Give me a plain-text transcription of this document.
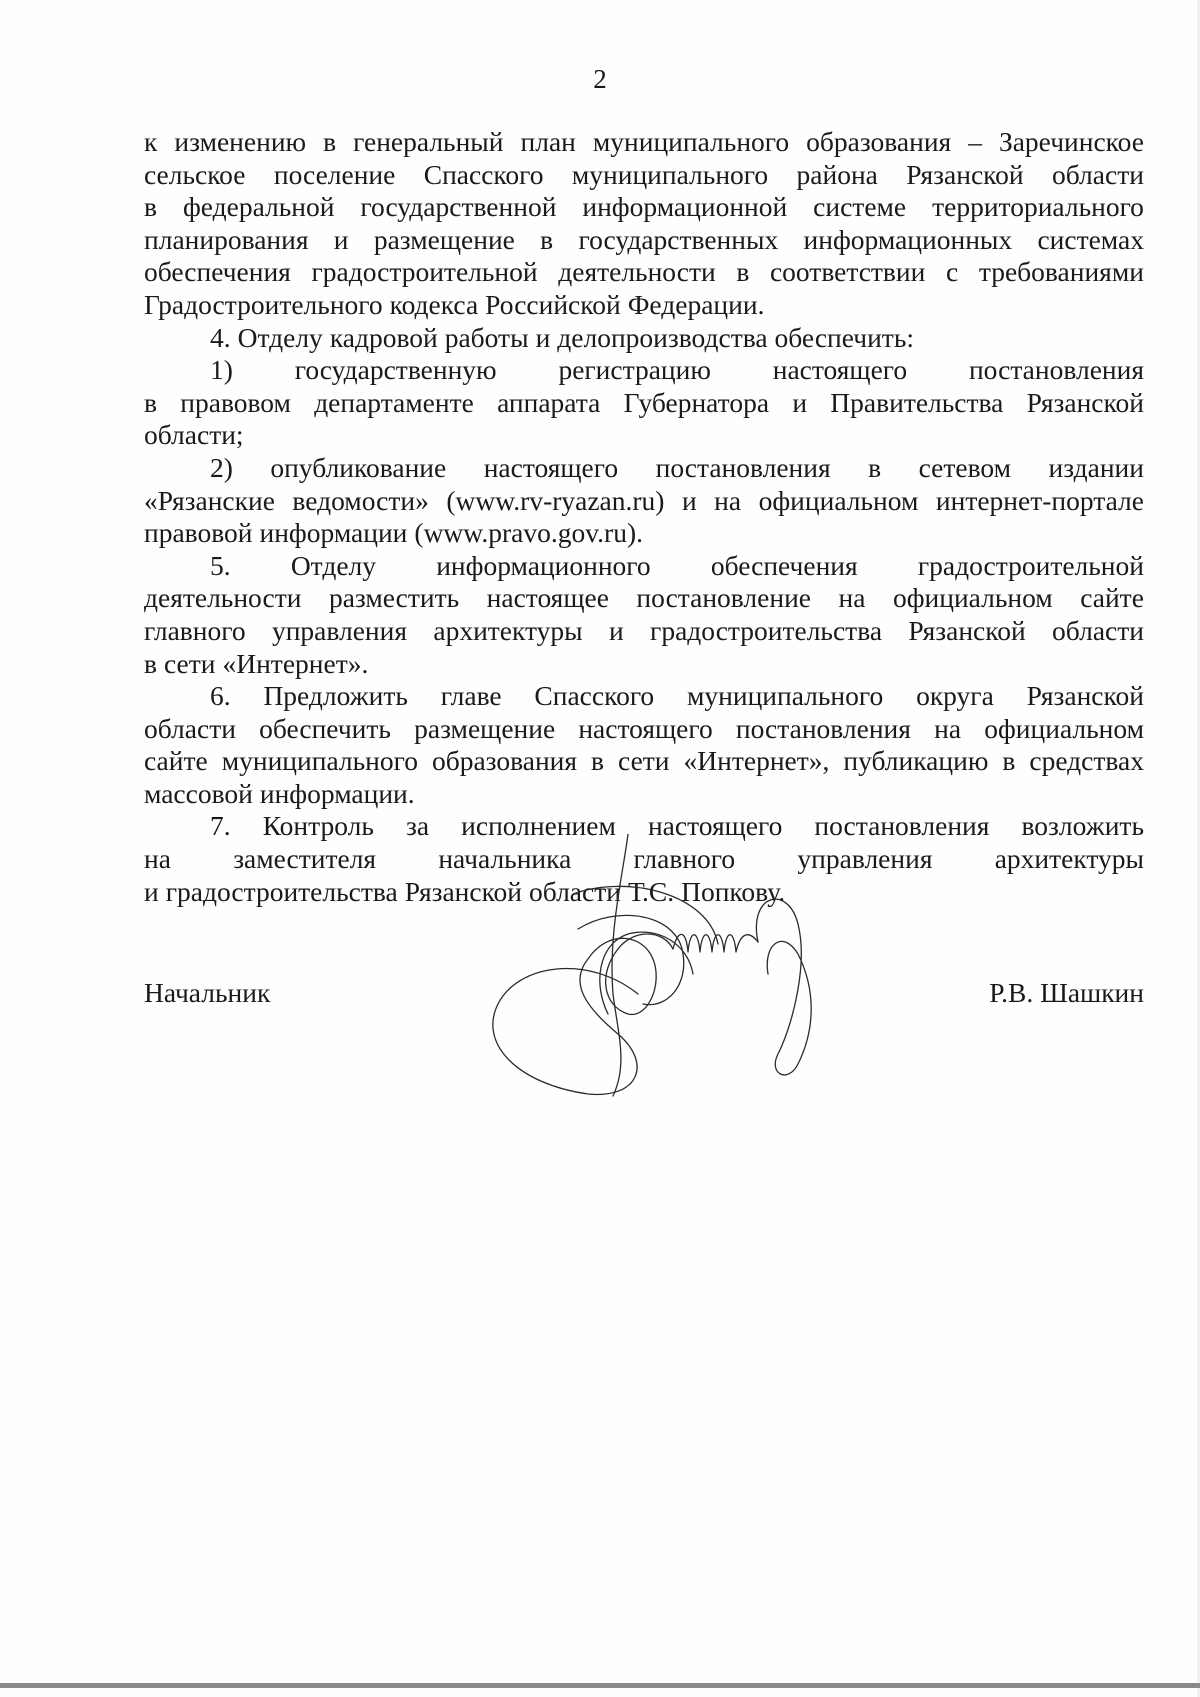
2
к изменению в генеральный план муниципального образования – Заречинское
сельское поселение Спасского муниципального района Рязанской области
в федеральной государственной информационной системе территориального
планирования и размещение в государственных информационных системах
обеспечения градостроительной деятельности в соответствии с требованиями
Градостроительного кодекса Российской Федерации.
4. Отделу кадровой работы и делопроизводства обеспечить:
1) государственную регистрацию настоящего постановления
в правовом департаменте аппарата Губернатора и Правительства Рязанской
области;
2) опубликование настоящего постановления в сетевом издании
«Рязанские ведомости» (www.rv-ryazan.ru) и на официальном интернет-портале
правовой информации (www.pravo.gov.ru).
5. Отделу информационного обеспечения градостроительной
деятельности разместить настоящее постановление на официальном сайте
главного управления архитектуры и градостроительства Рязанской области
в сети «Интернет».
6. Предложить главе Спасского муниципального округа Рязанской
области обеспечить размещение настоящего постановления на официальном
сайте муниципального образования в сети «Интернет», публикацию в средствах
массовой информации.
7. Контроль за исполнением настоящего постановления возложить
на заместителя начальника главного управления архитектуры
и градостроительства Рязанской области Т.С. Попкову.
Начальник	Р.В. Шашкин
